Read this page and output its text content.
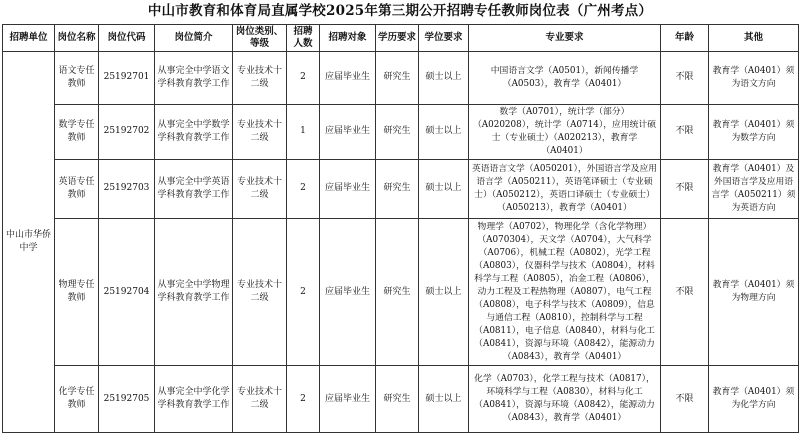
中山市教育和体育局直属学校2025年第三期公开招聘专任教师岗位表（广州考点）
招聘单位	岗位名称	岗位代码	岗位简介	岗位类别、等级	招聘人数	招聘对象	学历要求	学位要求	专业要求	年龄	其他
中山市华侨中学	语文专任教师	25192701	从事完全中学语文学科教育教学工作	专业技术十二级	2	应届毕业生	研究生	硕士以上	中国语言文学（A0501），新闻传播学（A0503），教育学（A0401）	不限	教育学（A0401）须为语文方向
	数学专任教师	25192702	从事完全中学数学学科教育教学工作	专业技术十二级	1	应届毕业生	研究生	硕士以上	数学（A0701），统计学（部分）（A020208），统计学（A0714），应用统计硕士（专业硕士）（A020213），教育学（A0401）	不限	教育学（A0401）须为数学方向
	英语专任教师	25192703	从事完全中学英语学科教育教学工作	专业技术十二级	2	应届毕业生	研究生	硕士以上	英语语言文学（A050201），外国语言学及应用语言学（A050211），英语笔译硕士（专业硕士）（A050212），英语口译硕士（专业硕士）（A050213），教育学（A0401）	不限	教育学（A0401）及外国语言学及应用语言学（A050211）须为英语方向
	物理专任教师	25192704	从事完全中学物理学科教育教学工作	专业技术十二级	2	应届毕业生	研究生	硕士以上	物理学（A0702），物理化学（含化学物理）（A070304），天文学（A0704），大气科学（A0706），机械工程（A0802），光学工程（A0803），仪器科学与技术（A0804），材料科学与工程（A0805），冶金工程（A0806），动力工程及工程热物理（A0807），电气工程（A0808），电子科学与技术（A0809），信息与通信工程（A0810），控制科学与工程（A0811），电子信息（A0840），材料与化工（A0841），资源与环境（A0842），能源动力（A0843），教育学（A0401）	不限	教育学（A0401）须为物理方向
	化学专任教师	25192705	从事完全中学化学学科教育教学工作	专业技术十二级	2	应届毕业生	研究生	硕士以上	化学（A0703），化学工程与技术（A0817），环境科学与工程（A0830），材料与化工（A0841），资源与环境（A0842），能源动力（A0843），教育学（A0401）	不限	教育学（A0401）须为化学方向
